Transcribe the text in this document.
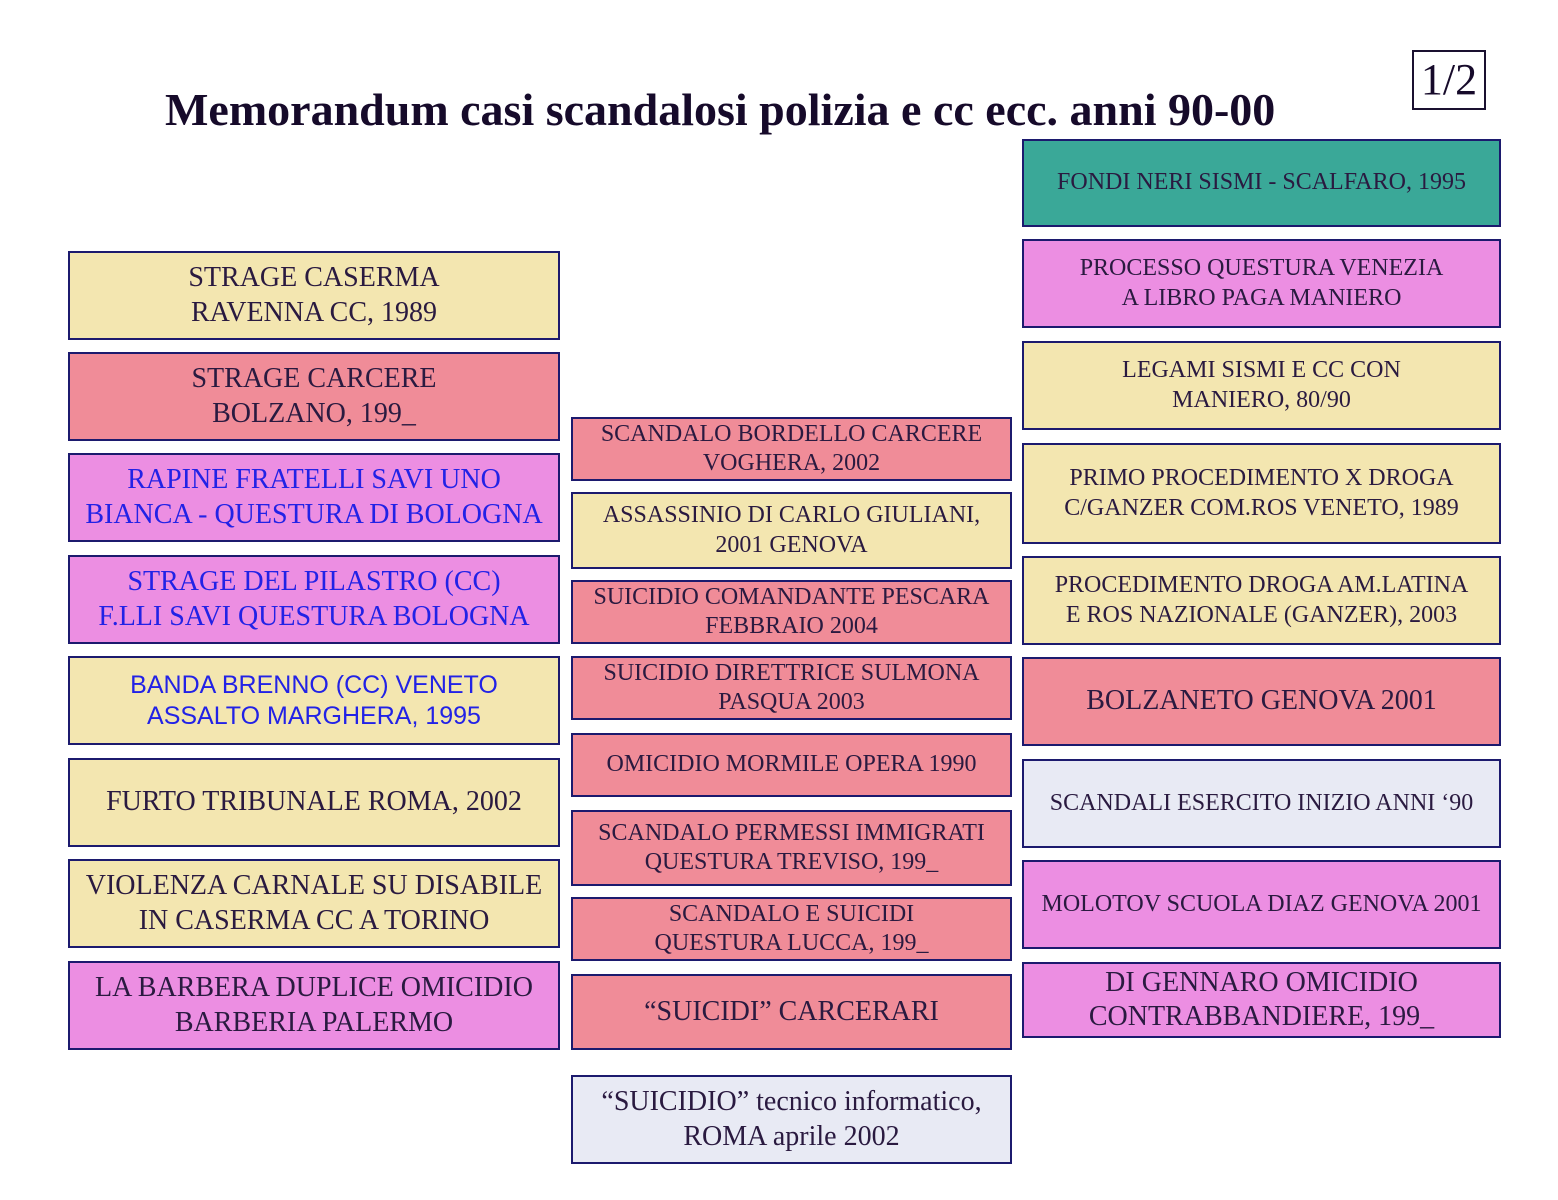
Memorandum casi scandalosi polizia e cc ecc. anni 90-00
1/2
STRAGE CASERMA
RAVENNA CC, 1989
STRAGE CARCERE
BOLZANO, 199_
RAPINE FRATELLI SAVI UNO
BIANCA - QUESTURA DI BOLOGNA
STRAGE DEL PILASTRO (CC)
F.LLI SAVI QUESTURA BOLOGNA
BANDA BRENNO (CC) VENETO
ASSALTO MARGHERA, 1995
FURTO TRIBUNALE ROMA, 2002
VIOLENZA CARNALE SU DISABILE
IN CASERMA CC A TORINO
LA BARBERA DUPLICE OMICIDIO
BARBERIA PALERMO
SCANDALO BORDELLO CARCERE
VOGHERA, 2002
ASSASSINIO DI CARLO GIULIANI,
2001 GENOVA
SUICIDIO COMANDANTE PESCARA
FEBBRAIO 2004
SUICIDIO DIRETTRICE SULMONA
PASQUA 2003
OMICIDIO MORMILE OPERA 1990
SCANDALO PERMESSI IMMIGRATI
QUESTURA TREVISO, 199_
SCANDALO E SUICIDI
QUESTURA LUCCA, 199_
“SUICIDI” CARCERARI
“SUICIDIO” tecnico informatico,
ROMA aprile 2002
FONDI NERI SISMI - SCALFARO, 1995
PROCESSO QUESTURA VENEZIA
A LIBRO PAGA MANIERO
LEGAMI SISMI E CC CON
MANIERO, 80/90
PRIMO PROCEDIMENTO X DROGA
C/GANZER COM.ROS VENETO, 1989
PROCEDIMENTO DROGA AM.LATINA
E ROS NAZIONALE (GANZER), 2003
BOLZANETO GENOVA 2001
SCANDALI ESERCITO INIZIO ANNI ‘90
MOLOTOV SCUOLA DIAZ GENOVA 2001
DI GENNARO OMICIDIO
CONTRABBANDIERE, 199_
